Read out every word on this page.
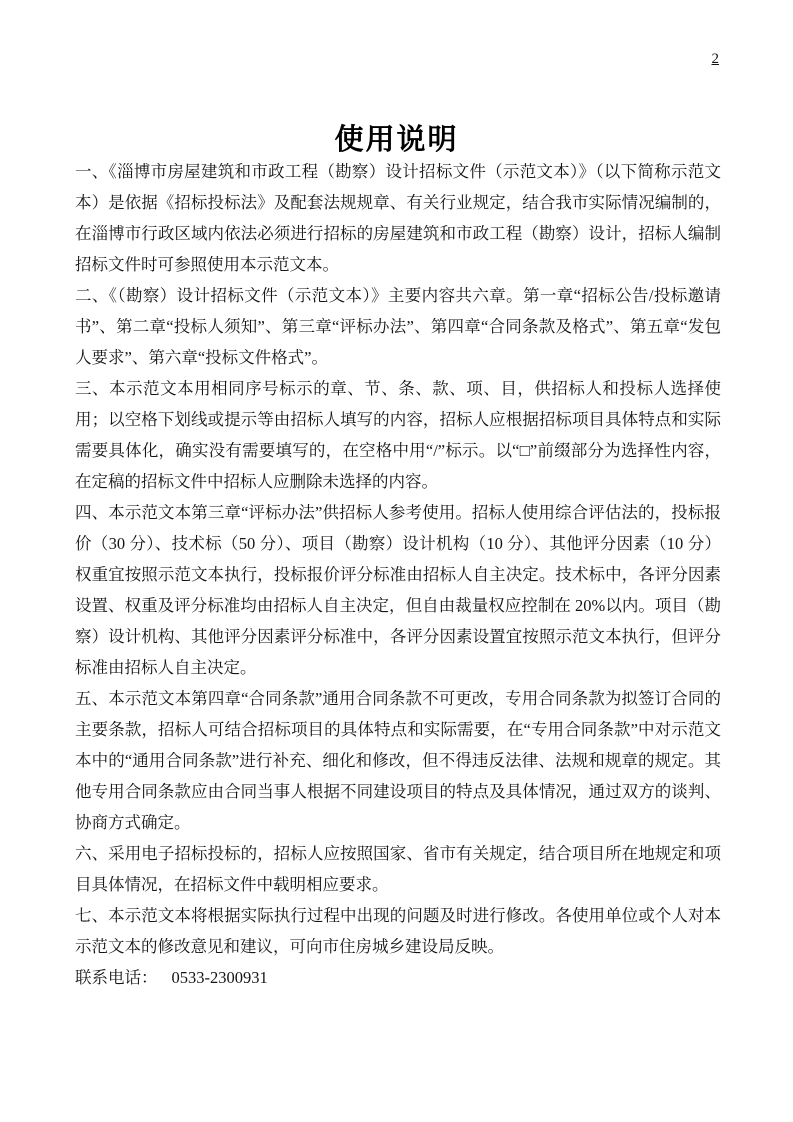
2
使用说明

一、《淄博市房屋建筑和市政工程（勘察）设计招标文件（示范文本）》（以下简称示范文本）是依据《招标投标法》及配套法规规章、有关行业规定，结合我市实际情况编制的，在淄博市行政区域内依法必须进行招标的房屋建筑和市政工程（勘察）设计，招标人编制招标文件时可参照使用本示范文本。

二、《（勘察）设计招标文件（示范文本）》主要内容共六章。第一章“招标公告/投标邀请书”、第二章“投标人须知”、第三章“评标办法”、第四章“合同条款及格式”、第五章“发包人要求”、第六章“投标文件格式”。

三、本示范文本用相同序号标示的章、节、条、款、项、目，供招标人和投标人选择使用；以空格下划线或提示等由招标人填写的内容，招标人应根据招标项目具体特点和实际需要具体化，确实没有需要填写的，在空格中用“/”标示。以“□”前缀部分为选择性内容，在定稿的招标文件中招标人应删除未选择的内容。

四、本示范文本第三章“评标办法”供招标人参考使用。招标人使用综合评估法的，投标报价（30 分）、技术标（50 分）、项目（勘察）设计机构（10 分）、其他评分因素（10 分）权重宜按照示范文本执行，投标报价评分标准由招标人自主决定。技术标中，各评分因素设置、权重及评分标准均由招标人自主决定，但自由裁量权应控制在 20%以内。项目（勘察）设计机构、其他评分因素评分标准中，各评分因素设置宜按照示范文本执行，但评分标准由招标人自主决定。

五、本示范文本第四章“合同条款”通用合同条款不可更改，专用合同条款为拟签订合同的主要条款，招标人可结合招标项目的具体特点和实际需要，在“专用合同条款”中对示范文本中的“通用合同条款”进行补充、细化和修改，但不得违反法律、法规和规章的规定。其他专用合同条款应由合同当事人根据不同建设项目的特点及具体情况，通过双方的谈判、协商方式确定。

六、采用电子招标投标的，招标人应按照国家、省市有关规定，结合项目所在地规定和项目具体情况，在招标文件中载明相应要求。

七、本示范文本将根据实际执行过程中出现的问题及时进行修改。各使用单位或个人对本示范文本的修改意见和建议，可向市住房城乡建设局反映。

联系电话： 0533-2300931
